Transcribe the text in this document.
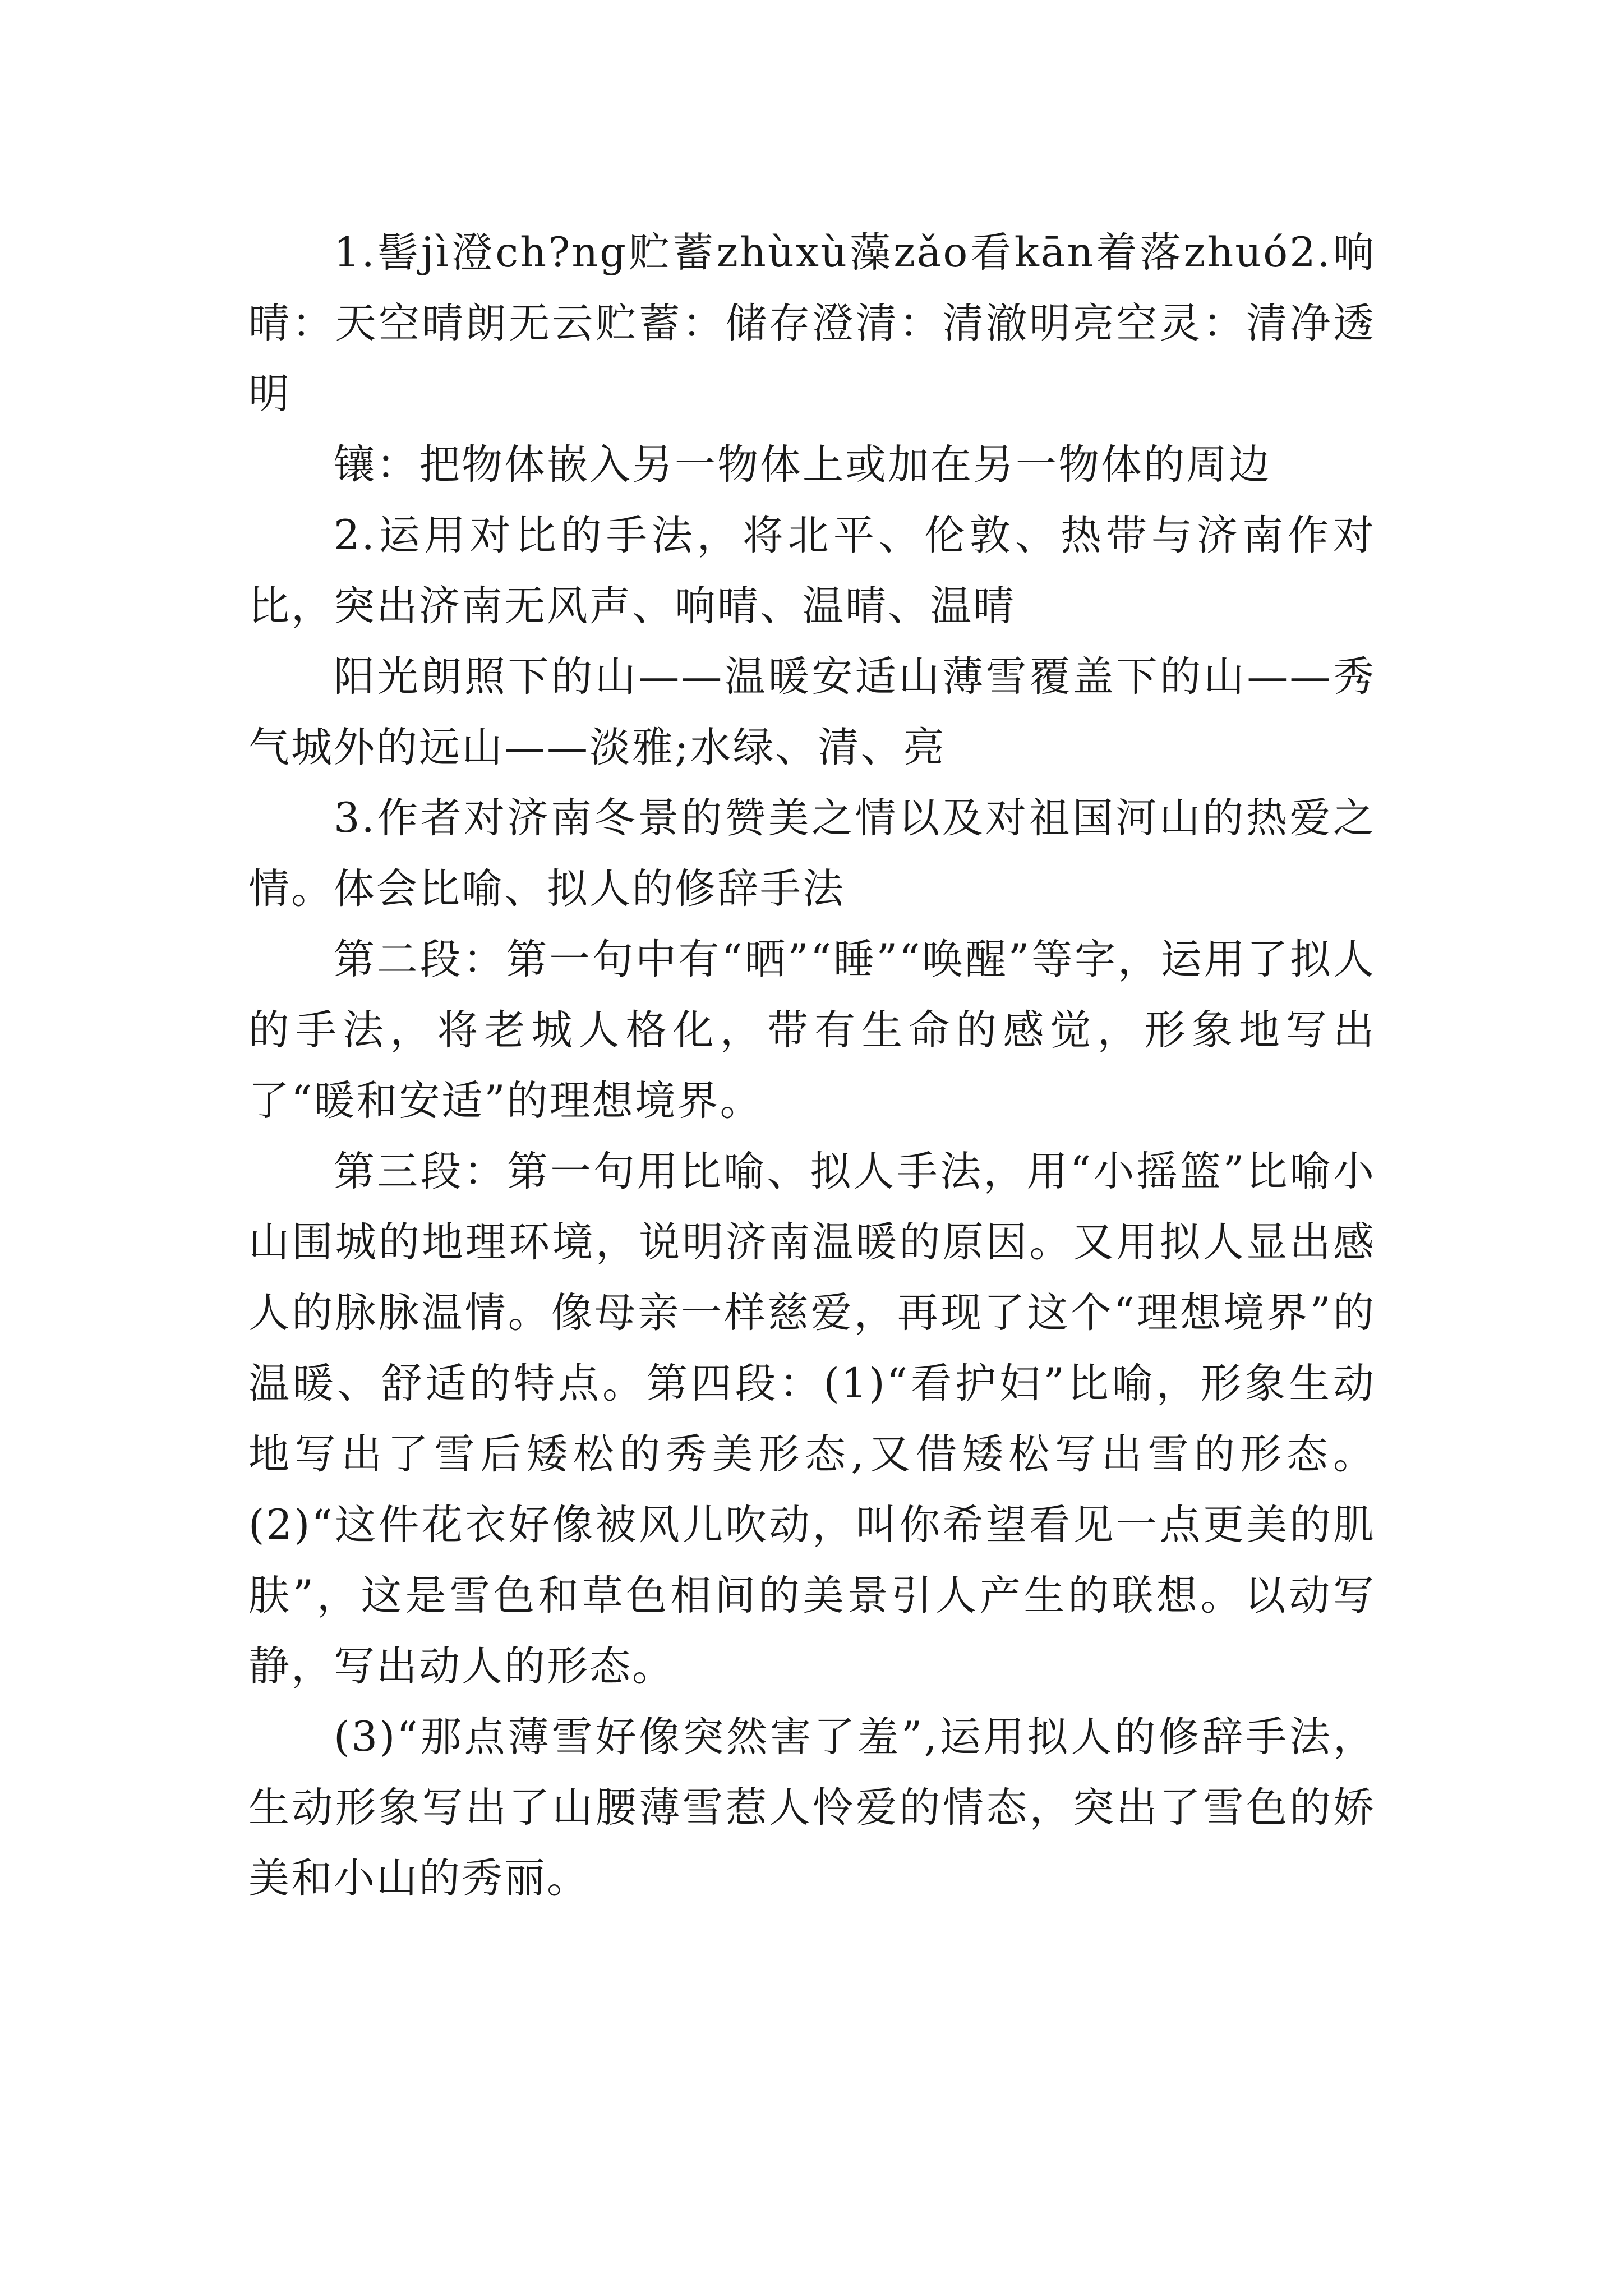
1.髻jì澄ch?ng贮蓄zhùxù藻zǎo看kān着落zhuó2.响晴：天空晴朗无云贮蓄：储存澄清：清澈明亮空灵：清净透明

镶：把物体嵌入另一物体上或加在另一物体的周边

2.运用对比的手法，将北平、伦敦、热带与济南作对比，突出济南无风声、响晴、温晴、温晴

阳光朗照下的山——温暖安适山薄雪覆盖下的山——秀气城外的远山——淡雅;水绿、清、亮

3.作者对济南冬景的赞美之情以及对祖国河山的热爱之情。体会比喻、拟人的修辞手法

第二段：第一句中有“晒”“睡”“唤醒”等字，运用了拟人的手法，将老城人格化，带有生命的感觉，形象地写出了“暖和安适”的理想境界。

第三段：第一句用比喻、拟人手法，用“小摇篮”比喻小山围城的地理环境，说明济南温暖的原因。又用拟人显出感人的脉脉温情。像母亲一样慈爱，再现了这个“理想境界”的温暖、舒适的特点。第四段：(1)“看护妇”比喻，形象生动地写出了雪后矮松的秀美形态,又借矮松写出雪的形态。(2)“这件花衣好像被风儿吹动，叫你希望看见一点更美的肌肤”，这是雪色和草色相间的美景引人产生的联想。以动写静，写出动人的形态。

(3)“那点薄雪好像突然害了羞”,运用拟人的修辞手法，生动形象写出了山腰薄雪惹人怜爱的情态，突出了雪色的娇美和小山的秀丽。
